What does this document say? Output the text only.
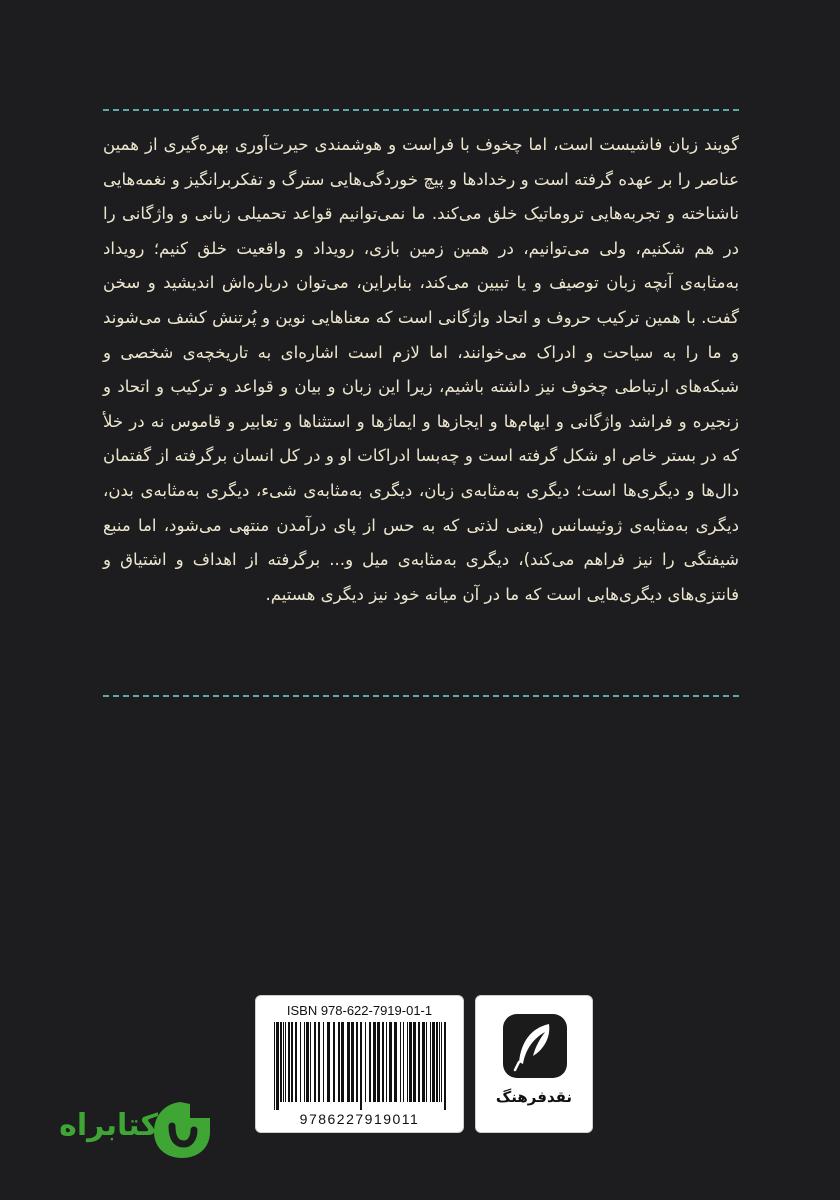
گویند زبان فاشیست است، اما چخوف با فراست و هوشمندی حیرت‌آوری بهره‌گیری از همین عناصر را بر عهده گرفته است و رخدادها و پیچ خوردگی‌هایی سترگ و تفکربرانگیز و نغمه‌هایی ناشناخته و تجربه‌هایی تروماتیک خلق می‌کند. ما نمی‌توانیم قواعد تحمیلی زبانی و واژگانی را در هم شکنیم، ولی می‌توانیم، در همین زمین بازی، رویداد و واقعیت خلق کنیم؛ رویداد به‌مثابه‌ی آنچه زبان توصیف و یا تبیین می‌کند، بنابراین، می‌توان درباره‌اش اندیشید و سخن گفت. با همین ترکیب حروف و اتحاد واژگانی است که معناهایی نوین و پُرتنش کشف می‌شوند و ما را به سیاحت و ادراک می‌خوانند، اما لازم است اشاره‌ای به تاریخچه‌ی شخصی و شبکه‌های ارتباطی چخوف نیز داشته باشیم، زیرا این زبان و بیان و قواعد و ترکیب و اتحاد و زنجیره و فراشد واژگانی و ایهام‌ها و ایجازها و ایماژها و استثناها و تعابیر و قاموس نه در خلأ که در بستر خاص او شکل گرفته است و چه‌بسا ادراکات او و در کل انسان برگرفته از گفتمان دال‌ها و دیگری‌ها است؛ دیگری به‌مثابه‌ی زبان، دیگری به‌مثابه‌ی شیء، دیگری به‌مثابه‌ی بدن، دیگری به‌مثابه‌ی ژوئیسانس (یعنی لذتی که به حس از پای درآمدن منتهی می‌شود، اما منبع شیفتگی را نیز فراهم می‌کند)، دیگری به‌مثابه‌ی میل و... برگرفته از اهداف و اشتیاق و فانتزی‌های دیگری‌هایی است که ما در آن میانه خود نیز دیگری هستیم.

ISBN 978-622-7919-01-1
9786227919011
نقدفرهنگ
کتابراه
